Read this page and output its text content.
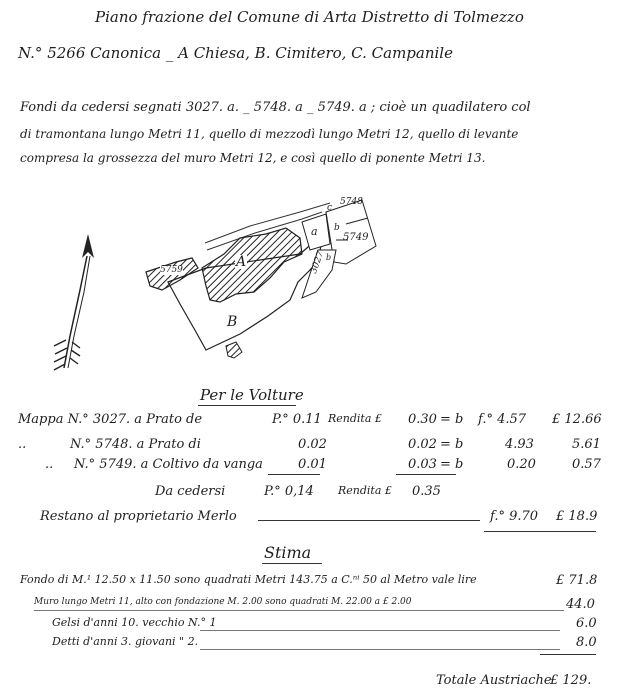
Piano frazione del Comune di Arta Distretto di Tolmezzo
N.° 5266 Canonica _ A Chiesa, B. Cimitero, C. Campanile
Fondi da cedersi segnati 3027. a. _ 5748. a _ 5749. a ; cioè un quadilatero col
di tramontana lungo Metri 11, quello di mezzodì lungo Metri 12, quello di levante
compresa la grossezza del muro Metri 12, e così quello di ponente Metri 13.
A
B
5759
a
5748
5749
b
c
3027 b
Per le Volture
Mappa N.° 3027. a Prato de	P.° 0.11 Rendita £ 0.30 = b f.° 4.57 £ 12.66
..	N.° 5748. a Prato di	0.02	0.02 = b	4.93	5.61
.. N.° 5749. a Coltivo da vanga	0.01	0.03 = b	0.20	0.57
Da cedersi	P.° 0,14 Rendita £ 0.35
Restano al proprietario Merlo	f.° 9.70 £ 18.9
Stima
Fondo di M.¹ 12.50 x 11.50 sono quadrati Metri 143.75 a C.ⁿⁱ 50 al Metro vale lire	£ 71.8
Muro lungo Metri 11, alto con fondazione M. 2.00 sono quadrati M. 22.00 a £ 2.00	44.0
Gelsi d'anni 10. vecchio N.° 1	6.0
Detti d'anni 3. giovani " 2.	8.0
Totale Austriache
£ 129.
